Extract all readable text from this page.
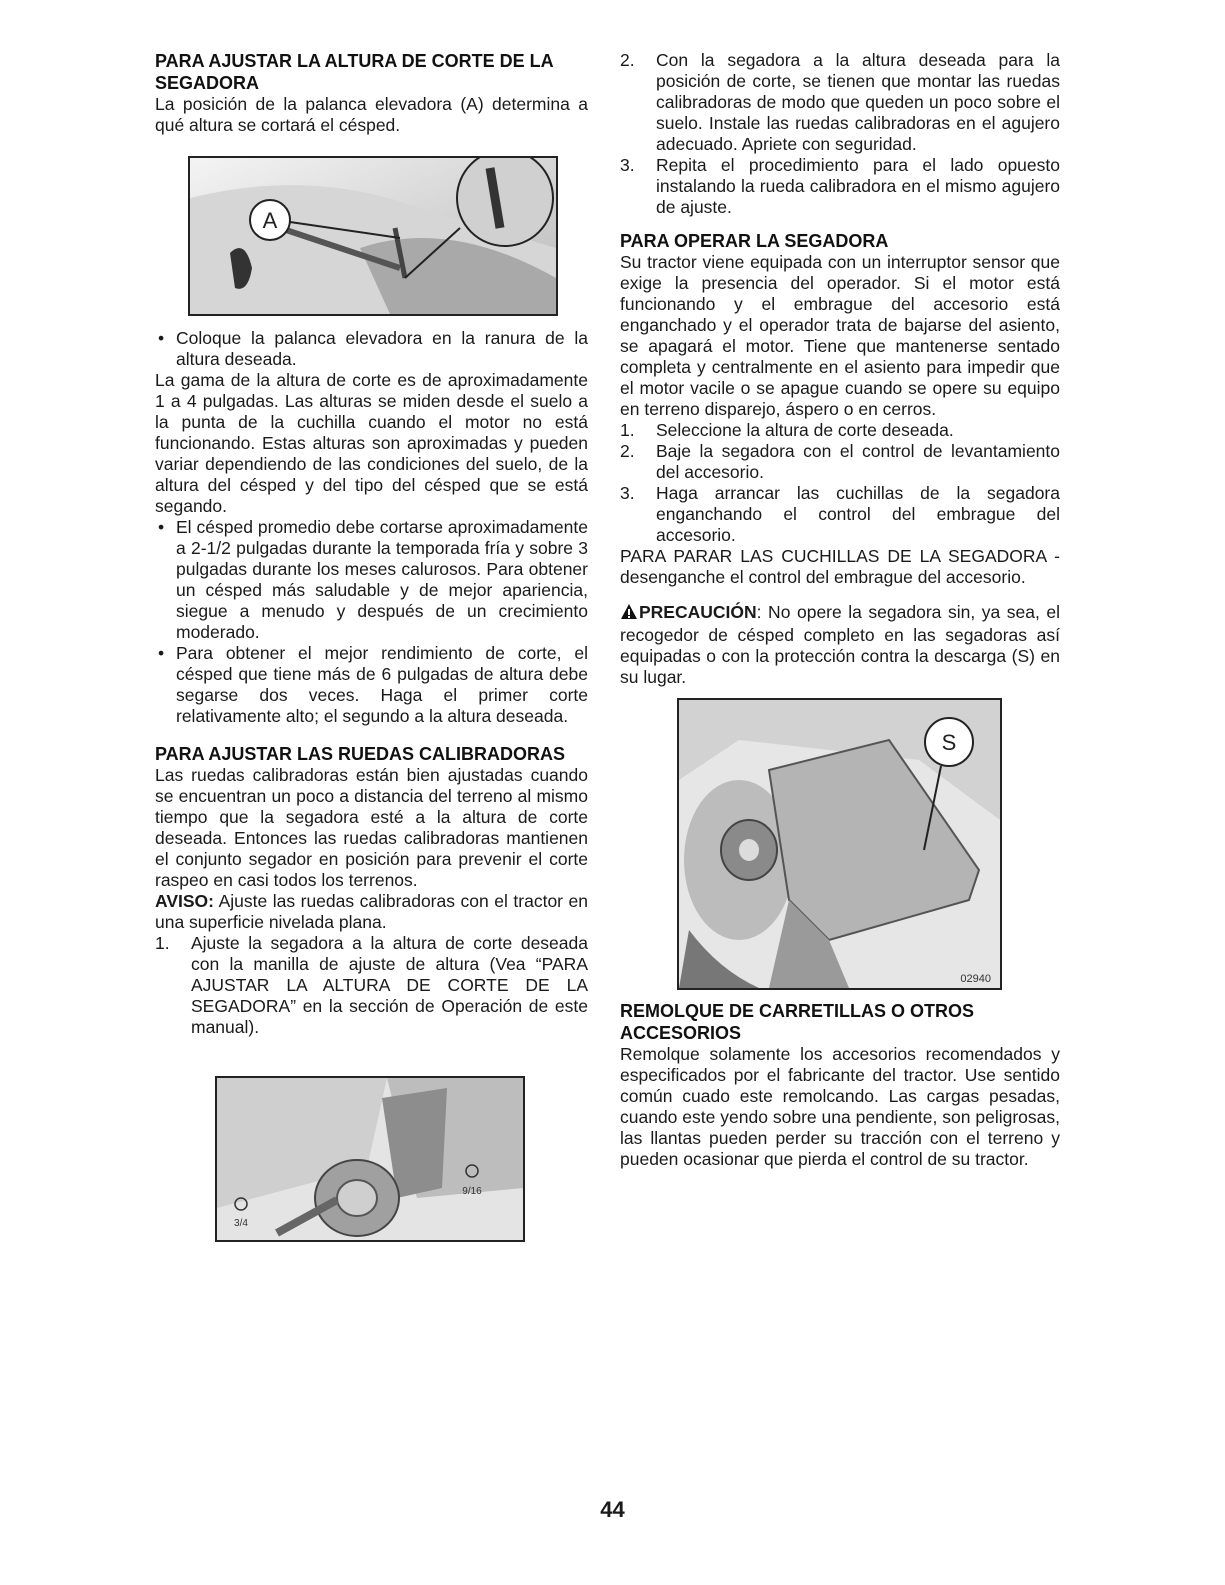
PARA AJUSTAR LA ALTURA DE CORTE DE LA SEGADORA

La posición de la palanca elevadora (A) determina a qué altura se cortará el césped.

A
• Coloque la palanca elevadora en la ranura de la altura deseada.

La gama de la altura de corte es de aproximadamente 1 a 4 pulgadas. Las alturas se miden desde el suelo a la punta de la cuchilla cuando el motor no está funcionando. Estas alturas son aproximadas y pueden variar dependiendo de las condiciones del suelo, de la altura del césped y del tipo del césped que se está segando.

• El césped promedio debe cortarse aproximadamente a 2-1/2 pulgadas durante la temporada fría y sobre 3 pulgadas durante los meses calurosos. Para obtener un césped más saludable y de mejor apariencia, siegue a menudo y después de un crecimiento moderado.
• Para obtener el mejor rendimiento de corte, el césped que tiene más de 6 pulgadas de altura debe segarse dos veces. Haga el primer corte relativamente alto; el segundo a la altura deseada.
PARA AJUSTAR LAS RUEDAS CALIBRADORAS

Las ruedas calibradoras están bien ajustadas cuando se encuentran un poco a distancia del terreno al mismo tiempo que la segadora esté a la altura de corte deseada. Entonces las ruedas calibradoras mantienen el conjunto segador en posición para prevenir el corte raspeo en casi todos los terrenos.

AVISO: Ajuste las ruedas calibradoras con el tractor en una superficie nivelada plana.

1. Ajuste la segadora a la altura de corte deseada con la manilla de ajuste de altura (Vea “PARA AJUSTAR LA ALTURA DE CORTE DE LA SEGADORA” en la sección de Operación de este manual).
9/16
3/4
2. Con la segadora a la altura deseada para la posición de corte, se tienen que montar las ruedas calibradoras de modo que queden un poco sobre el suelo. Instale las ruedas calibradoras en el agujero adecuado. Apriete con seguridad.
3. Repita el procedimiento para el lado opuesto instalando la rueda calibradora en el mismo agujero de ajuste.
PARA OPERAR LA SEGADORA

Su tractor viene equipada con un interruptor sensor que exige la presencia del operador. Si el motor está funcionando y el embrague del accesorio está enganchado y el operador trata de bajarse del asiento, se apagará el motor. Tiene que mantenerse sentado completa y centralmente en el asiento para impedir que el motor vacile o se apague cuando se opere su equipo en terreno disparejo, áspero o en cerros.

1. Seleccione la altura de corte deseada.
2. Baje la segadora con el control de levantamiento del accesorio.
3. Haga arrancar las cuchillas de la segadora enganchando el control del embrague del accesorio.

PARA PARAR LAS CUCHILLAS DE LA SEGADORA - desenganche el control del embrague del accesorio.

PRECAUCIÓN: No opere la segadora sin, ya sea, el recogedor de césped completo en las segadoras así equipadas o con la protección contra la descarga (S) en su lugar.

S
02940
REMOLQUE DE CARRETILLAS O OTROS ACCESORIOS

Remolque solamente los accesorios recomendados y especificados por el fabricante del tractor. Use sentido común cuado este remolcando. Las cargas pesadas, cuando este yendo sobre una pendiente, son peligrosas, las llantas pueden perder su tracción con el terreno y pueden ocasionar que pierda el control de su tractor.

44
